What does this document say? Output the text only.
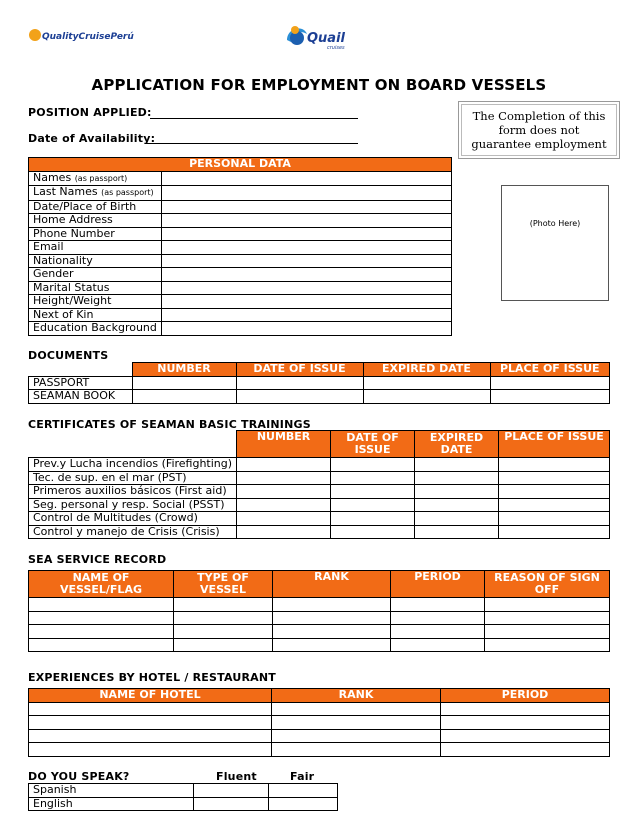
QualityCruisePerú	Quail
cruises
APPLICATION FOR EMPLOYMENT ON BOARD VESSELS
POSITION APPLIED:
Date of Availability:
The Completion of this form does not guarantee employment
(Photo Here)
PERSONAL DATA	
Names (as passport)	
Last Names (as passport)	
Date/Place of Birth	
Home Address	
Phone Number	
Email	
Nationality	
Gender	
Marital Status	
Height/Weight	
Next of Kin	
Education Background	
DOCUMENTS
	NUMBER	DATE OF ISSUE	EXPIRED DATE	PLACE OF ISSUE
PASSPORT				
SEAMAN BOOK				
CERTIFICATES OF SEAMAN BASIC TRAININGS
	NUMBER	DATE OF ISSUE	EXPIRED DATE	PLACE OF ISSUE
Prev.y Lucha incendios (Firefighting)				
Tec. de sup. en el mar (PST)				
Primeros auxilios básicos (First aid)				
Seg. personal y resp. Social (PSST)				
Control de Multitudes (Crowd)				
Control y manejo de Crisis (Crisis)				
SEA SERVICE RECORD
NAME OF VESSEL/FLAG	TYPE OF VESSEL	RANK	PERIOD	REASON OF SIGN OFF

EXPERIENCES BY HOTEL / RESTAURANT
NAME OF HOTEL	RANK	PERIOD

DO YOU SPEAK?	Fluent	Fair
Spanish		
English		
